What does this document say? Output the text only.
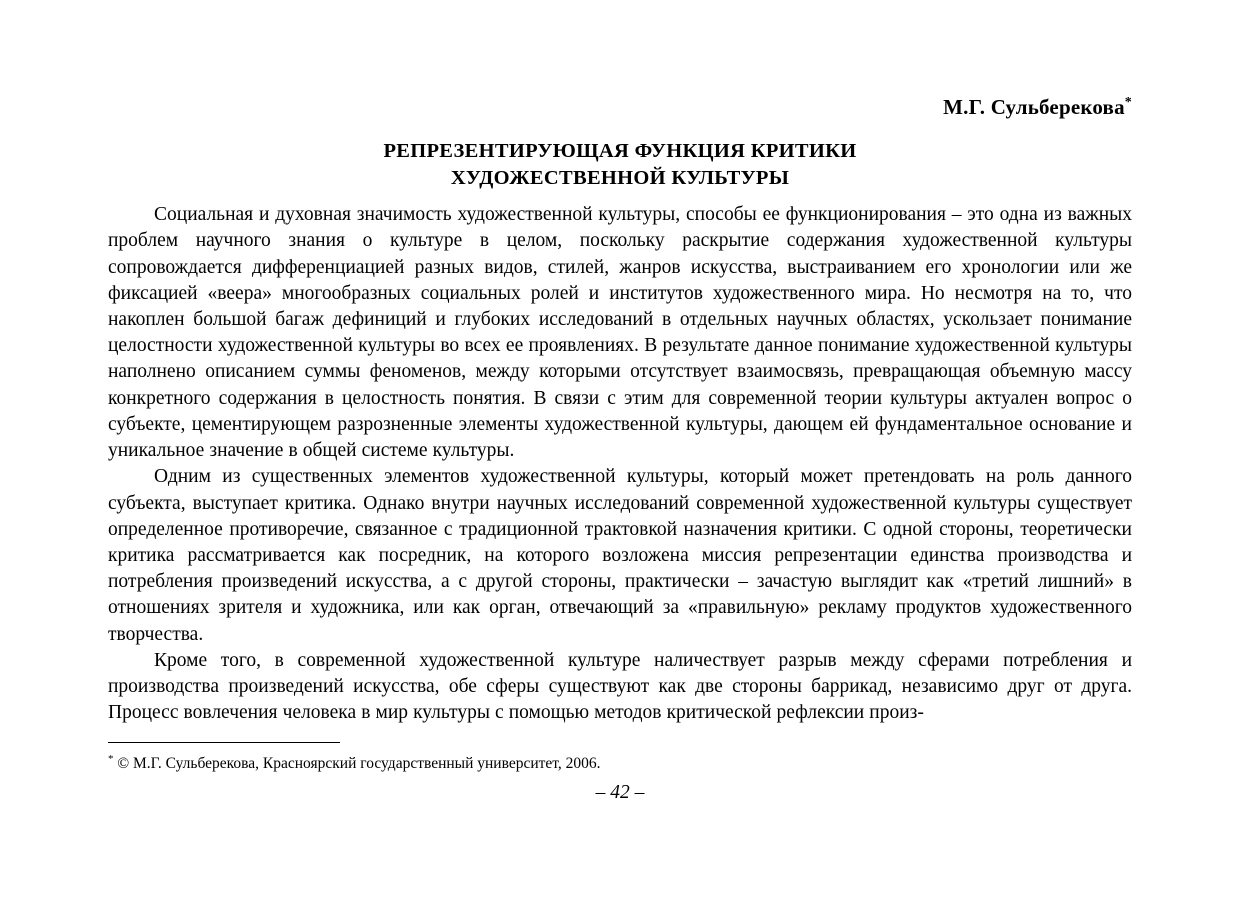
М.Г. Сульберекова*
РЕПРЕЗЕНТИРУЮЩАЯ ФУНКЦИЯ КРИТИКИ
ХУДОЖЕСТВЕННОЙ КУЛЬТУРЫ

Социальная и духовная значимость художественной культуры, способы ее функционирования – это одна из важных проблем научного знания о культуре в целом, поскольку раскрытие содержания художественной культуры сопровождается дифференциацией разных видов, стилей, жанров искусства, выстраиванием его хронологии или же фиксацией «веера» многообразных социальных ролей и институтов художественного мира. Но несмотря на то, что накоплен большой багаж дефиниций и глубоких исследований в отдельных научных областях, ускользает понимание целостности художественной культуры во всех ее проявлениях. В результате данное понимание художественной культуры наполнено описанием суммы феноменов, между которыми отсутствует взаимосвязь, превращающая объемную массу конкретного содержания в целостность понятия. В связи с этим для современной теории культуры актуален вопрос о субъекте, цементирующем разрозненные элементы художественной культуры, дающем ей фундаментальное основание и уникальное значение в общей системе культуры.

Одним из существенных элементов художественной культуры, который может претендовать на роль данного субъекта, выступает критика. Однако внутри научных исследований современной художественной культуры существует определенное противоречие, связанное с традиционной трактовкой назначения критики. С одной стороны, теоретически критика рассматривается как посредник, на которого возложена миссия репрезентации единства производства и потребления произведений искусства, а с другой стороны, практически – зачастую выглядит как «третий лишний» в отношениях зрителя и художника, или как орган, отвечающий за «правильную» рекламу продуктов художественного творчества.

Кроме того, в современной художественной культуре наличествует разрыв между сферами потребления и производства произведений искусства, обе сферы существуют как две стороны баррикад, независимо друг от друга. Процесс вовлечения человека в мир культуры с помощью методов критической рефлексии произ-

* © М.Г. Сульберекова, Красноярский государственный университет, 2006.

– 42 –
